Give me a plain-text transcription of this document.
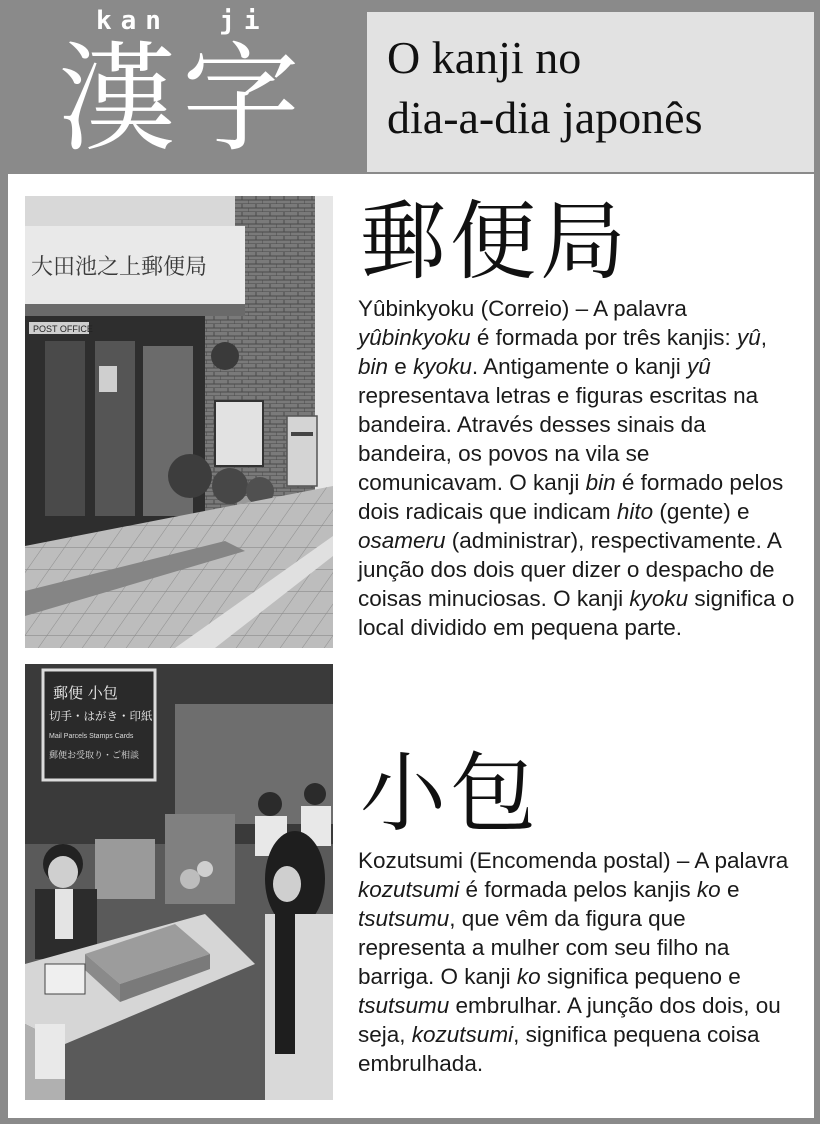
kan  ji
漢字 O kanji no
dia-a-dia japonês
大田池之上郵便局
POST OFFICE
郵便 小包
切手・はがき・印紙
Mail Parcels Stamps Cards
郵便お受取り・ご相談
郵便局
Yûbinkyoku (Correio) – A palavra yûbinkyoku é formada por três kanjis: yû, bin e kyoku. Antigamente o kanji yû representava letras e figuras escritas na bandeira. Através desses sinais da bandeira, os povos na vila se comunicavam. O kanji bin é formado pelos dois radicais que indicam hito (gente) e osameru (administrar), respectivamente. A junção dos dois quer dizer o despacho de coisas minuciosas. O kanji kyoku significa o local dividido em pequena parte.
小包
Kozutsumi (Encomenda postal) – A palavra kozutsumi é formada pelos kanjis ko e tsutsumu, que vêm da figura que representa a mulher com seu filho na barriga. O kanji ko significa pequeno e tsutsumu embrulhar. A junção dos dois, ou seja, kozutsumi, significa pequena coisa embrulhada.
